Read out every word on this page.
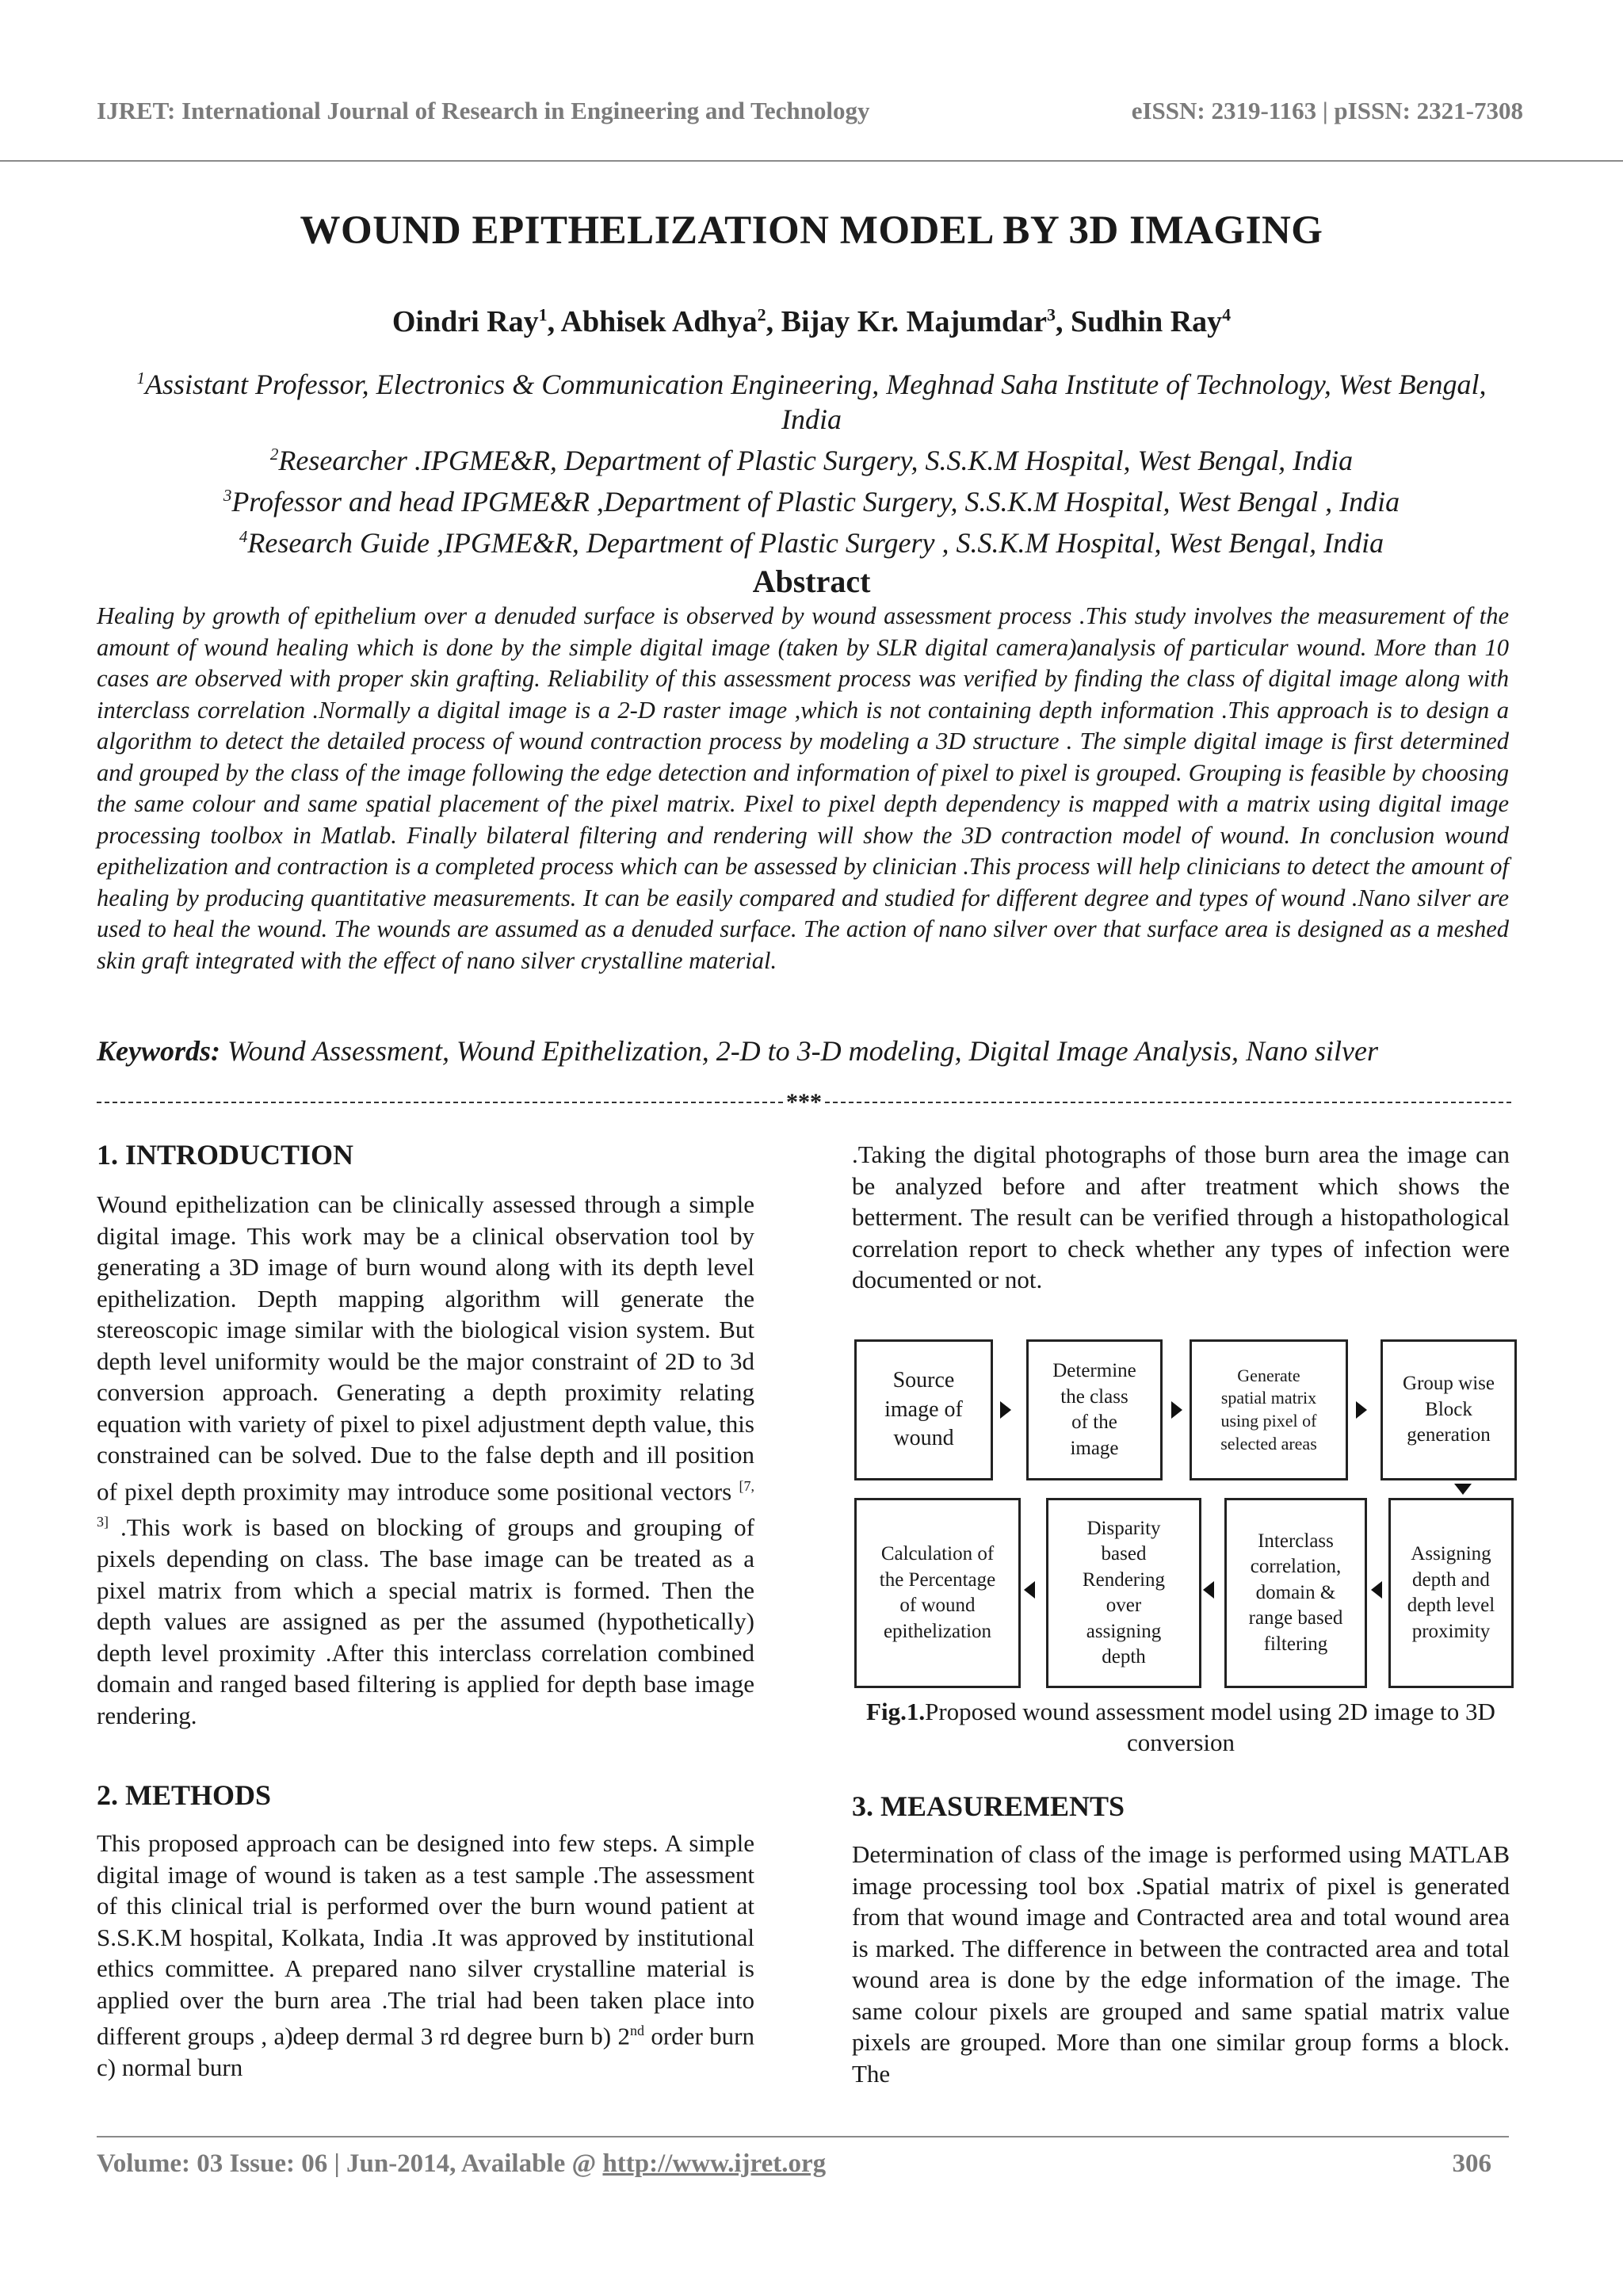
IJRET: International Journal of Research in Engineering and Technology	eISSN: 2319-1163 | pISSN: 2321-7308
WOUND EPITHELIZATION MODEL BY 3D IMAGING
Oindri Ray$^1$, Abhisek Adhya$^2$, Bijay Kr. Majumdar$^3$, Sudhin Ray$^4$
$^1$Assistant Professor, Electronics & Communication Engineering, Meghnad Saha Institute of Technology, West Bengal, India
$^2$Researcher .IPGME&R, Department of Plastic Surgery, S.S.K.M Hospital, West Bengal, India
$^3$Professor and head IPGME&R ,Department of Plastic Surgery, S.S.K.M Hospital, West Bengal , India
$^4$Research Guide ,IPGME&R, Department of Plastic Surgery , S.S.K.M Hospital, West Bengal, India
Abstract

Healing by growth of epithelium over a denuded surface is observed by wound assessment process .This study involves the measurement of the amount of wound healing which is done by the simple digital image (taken by SLR digital camera)analysis of particular wound. More than 10 cases are observed with proper skin grafting. Reliability of this assessment process was verified by finding the class of digital image along with interclass correlation .Normally a digital image is a 2-D raster image ,which is not containing depth information .This approach is to design a algorithm to detect the detailed process of wound contraction process by modeling a 3D structure . The simple digital image is first determined and grouped by the class of the image following the edge detection and information of pixel to pixel is grouped. Grouping is feasible by choosing the same colour and same spatial placement of the pixel matrix. Pixel to pixel depth dependency is mapped with a matrix using digital image processing toolbox in Matlab. Finally bilateral filtering and rendering will show the 3D contraction model of wound. In conclusion wound epithelization and contraction is a completed process which can be assessed by clinician .This process will help clinicians to detect the amount of healing by producing quantitative measurements. It can be easily compared and studied for different degree and types of wound .Nano silver are used to heal the wound. The wounds are assumed as a denuded surface. The action of nano silver over that surface area is designed as a meshed skin graft integrated with the effect of nano silver crystalline material.

Keywords: Wound Assessment, Wound Epithelization, 2-D to 3-D modeling, Digital Image Analysis, Nano silver
***
1. INTRODUCTION

Wound epithelization can be clinically assessed through a simple digital image. This work may be a clinical observation tool by generating a 3D image of burn wound along with its depth level epithelization. Depth mapping algorithm will generate the stereoscopic image similar with the biological vision system. But depth level uniformity would be the major constraint of 2D to 3d conversion approach. Generating a depth proximity relating equation with variety of pixel to pixel adjustment depth value, this constrained can be solved. Due to the false depth and ill position of pixel depth proximity may introduce some positional vectors [7, 3] .This work is based on blocking of groups and grouping of pixels depending on class. The base image can be treated as a pixel matrix from which a special matrix is formed. Then the depth values are assigned as per the assumed (hypothetically) depth level proximity .After this interclass correlation combined domain and ranged based filtering is applied for depth base image rendering.

2. METHODS

This proposed approach can be designed into few steps. A simple digital image of wound is taken as a test sample .The assessment of this clinical trial is performed over the burn wound patient at S.S.K.M hospital, Kolkata, India .It was approved by institutional ethics committee. A prepared nano silver crystalline material is applied over the burn area .The trial had been taken place into different groups , a)deep dermal 3 rd degree burn b) 2nd order burn c) normal burn

.Taking the digital photographs of those burn area the image can be analyzed before and after treatment which shows the betterment. The result can be verified through a histopathological correlation report to check whether any types of infection were documented or not.

Source
image of
wound
Determine
the class
of the
image
Generate
spatial matrix
using pixel of
selected areas
Group wise
Block
generation
Assigning
depth and
depth level
proximity
Interclass
correlation,
domain &
range based
filtering
Disparity
based
Rendering
over
assigning
depth
Calculation of
the Percentage
of wound
epithelization
Fig.1.Proposed wound assessment model using 2D image to 3D conversion
3. MEASUREMENTS

Determination of class of the image is performed using MATLAB image processing tool box .Spatial matrix of pixel is generated from that wound image and Contracted area and total wound area is marked. The difference in between the contracted area and total wound area is done by the edge information of the image. The same colour pixels are grouped and same spatial matrix value pixels are grouped. More than one similar group forms a block. The

Volume: 03 Issue: 06 | Jun-2014, Available @ http://www.ijret.org	306
